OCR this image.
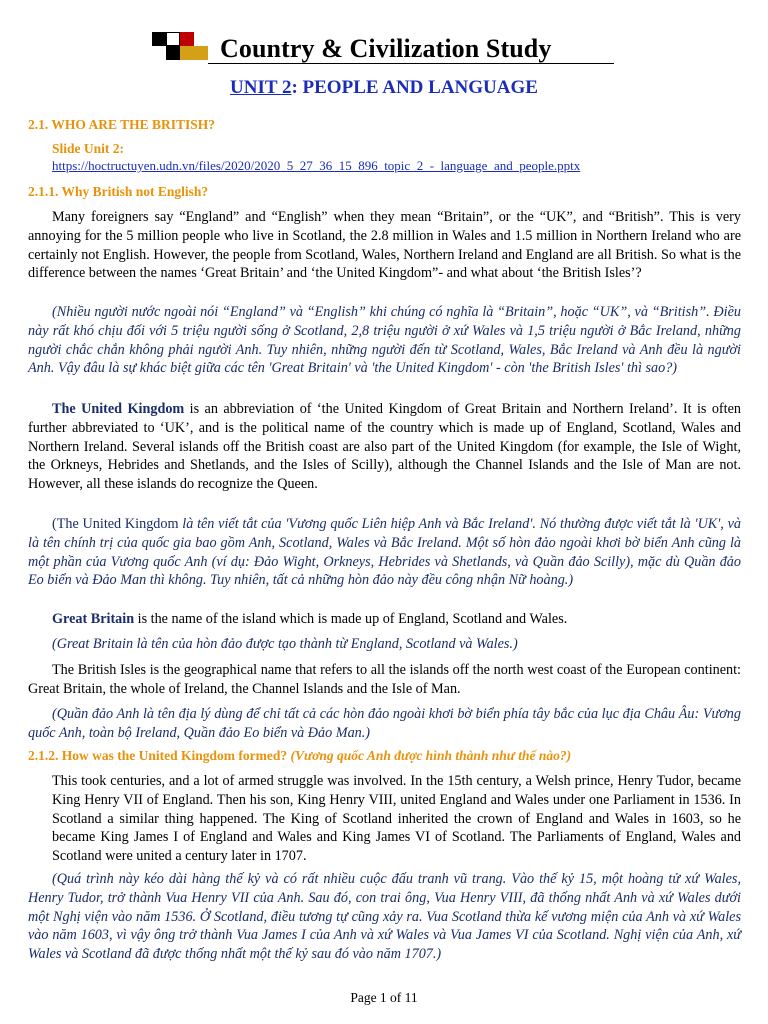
Country & Civilization Study
UNIT 2: PEOPLE AND LANGUAGE
2.1. WHO ARE THE BRITISH?
Slide Unit 2:
https://hoctructuyen.udn.vn/files/2020/2020_5_27_36_15_896_topic_2_-_language_and_people.pptx
2.1.1. Why British not English?

Many foreigners say “England” and “English” when they mean “Britain”, or the “UK”, and “British”. This is very annoying for the 5 million people who live in Scotland, the 2.8 million in Wales and 1.5 million in Northern Ireland who are certainly not English. However, the people from Scotland, Wales, Northern Ireland and England are all British. So what is the difference between the names ‘Great Britain’ and ‘the United Kingdom”- and what about ‘the British Isles’?

(Nhiều người nước ngoài nói “England” và “English” khi chúng có nghĩa là “Britain”, hoặc “UK”, và “British”. Điều này rất khó chịu đối với 5 triệu người sống ở Scotland, 2,8 triệu người ở xứ Wales và 1,5 triệu người ở Bắc Ireland, những người chắc chắn không phải người Anh. Tuy nhiên, những người đến từ Scotland, Wales, Bắc Ireland và Anh đều là người Anh. Vậy đâu là sự khác biệt giữa các tên 'Great Britain' và 'the United Kingdom' - còn 'the British Isles' thì sao?)

The United Kingdom is an abbreviation of ‘the United Kingdom of Great Britain and Northern Ireland’. It is often further abbreviated to ‘UK’, and is the political name of the country which is made up of England, Scotland, Wales and Northern Ireland. Several islands off the British coast are also part of the United Kingdom (for example, the Isle of Wight, the Orkneys, Hebrides and Shetlands, and the Isles of Scilly), although the Channel Islands and the Isle of Man are not. However, all these islands do recognize the Queen.

(The United Kingdom là tên viết tắt của 'Vương quốc Liên hiệp Anh và Bắc Ireland'. Nó thường được viết tắt là 'UK', và là tên chính trị của quốc gia bao gồm Anh, Scotland, Wales và Bắc Ireland. Một số hòn đảo ngoài khơi bờ biển Anh cũng là một phần của Vương quốc Anh (ví dụ: Đảo Wight, Orkneys, Hebrides và Shetlands, và Quần đảo Scilly), mặc dù Quần đảo Eo biển và Đảo Man thì không. Tuy nhiên, tất cả những hòn đảo này đều công nhận Nữ hoàng.)

Great Britain is the name of the island which is made up of England, Scotland and Wales.

(Great Britain là tên của hòn đảo được tạo thành từ England, Scotland và Wales.)

The British Isles is the geographical name that refers to all the islands off the north west coast of the European continent: Great Britain, the whole of Ireland, the Channel Islands and the Isle of Man.

(Quần đảo Anh là tên địa lý dùng để chỉ tất cả các hòn đảo ngoài khơi bờ biển phía tây bắc của lục địa Châu Âu: Vương quốc Anh, toàn bộ Ireland, Quần đảo Eo biển và Đảo Man.)

2.1.2. How was the United Kingdom formed? (Vương quốc Anh được hình thành như thế nào?)

This took centuries, and a lot of armed struggle was involved. In the 15th century, a Welsh prince, Henry Tudor, became King Henry VII of England. Then his son, King Henry VIII, united England and Wales under one Parliament in 1536. In Scotland a similar thing happened. The King of Scotland inherited the crown of England and Wales in 1603, so he became King James I of England and Wales and King James VI of Scotland. The Parliaments of England, Wales and Scotland were united a century later in 1707.

(Quá trình này kéo dài hàng thế kỷ và có rất nhiều cuộc đấu tranh vũ trang. Vào thế kỷ 15, một hoàng tử xứ Wales, Henry Tudor, trở thành Vua Henry VII của Anh. Sau đó, con trai ông, Vua Henry VIII, đã thống nhất Anh và xứ Wales dưới một Nghị viện vào năm 1536. Ở Scotland, điều tương tự cũng xảy ra. Vua Scotland thừa kế vương miện của Anh và xứ Wales vào năm 1603, vì vậy ông trở thành Vua James I của Anh và xứ Wales và Vua James VI của Scotland. Nghị viện của Anh, xứ Wales và Scotland đã được thống nhất một thế kỷ sau đó vào năm 1707.)

Page 1 of 11
